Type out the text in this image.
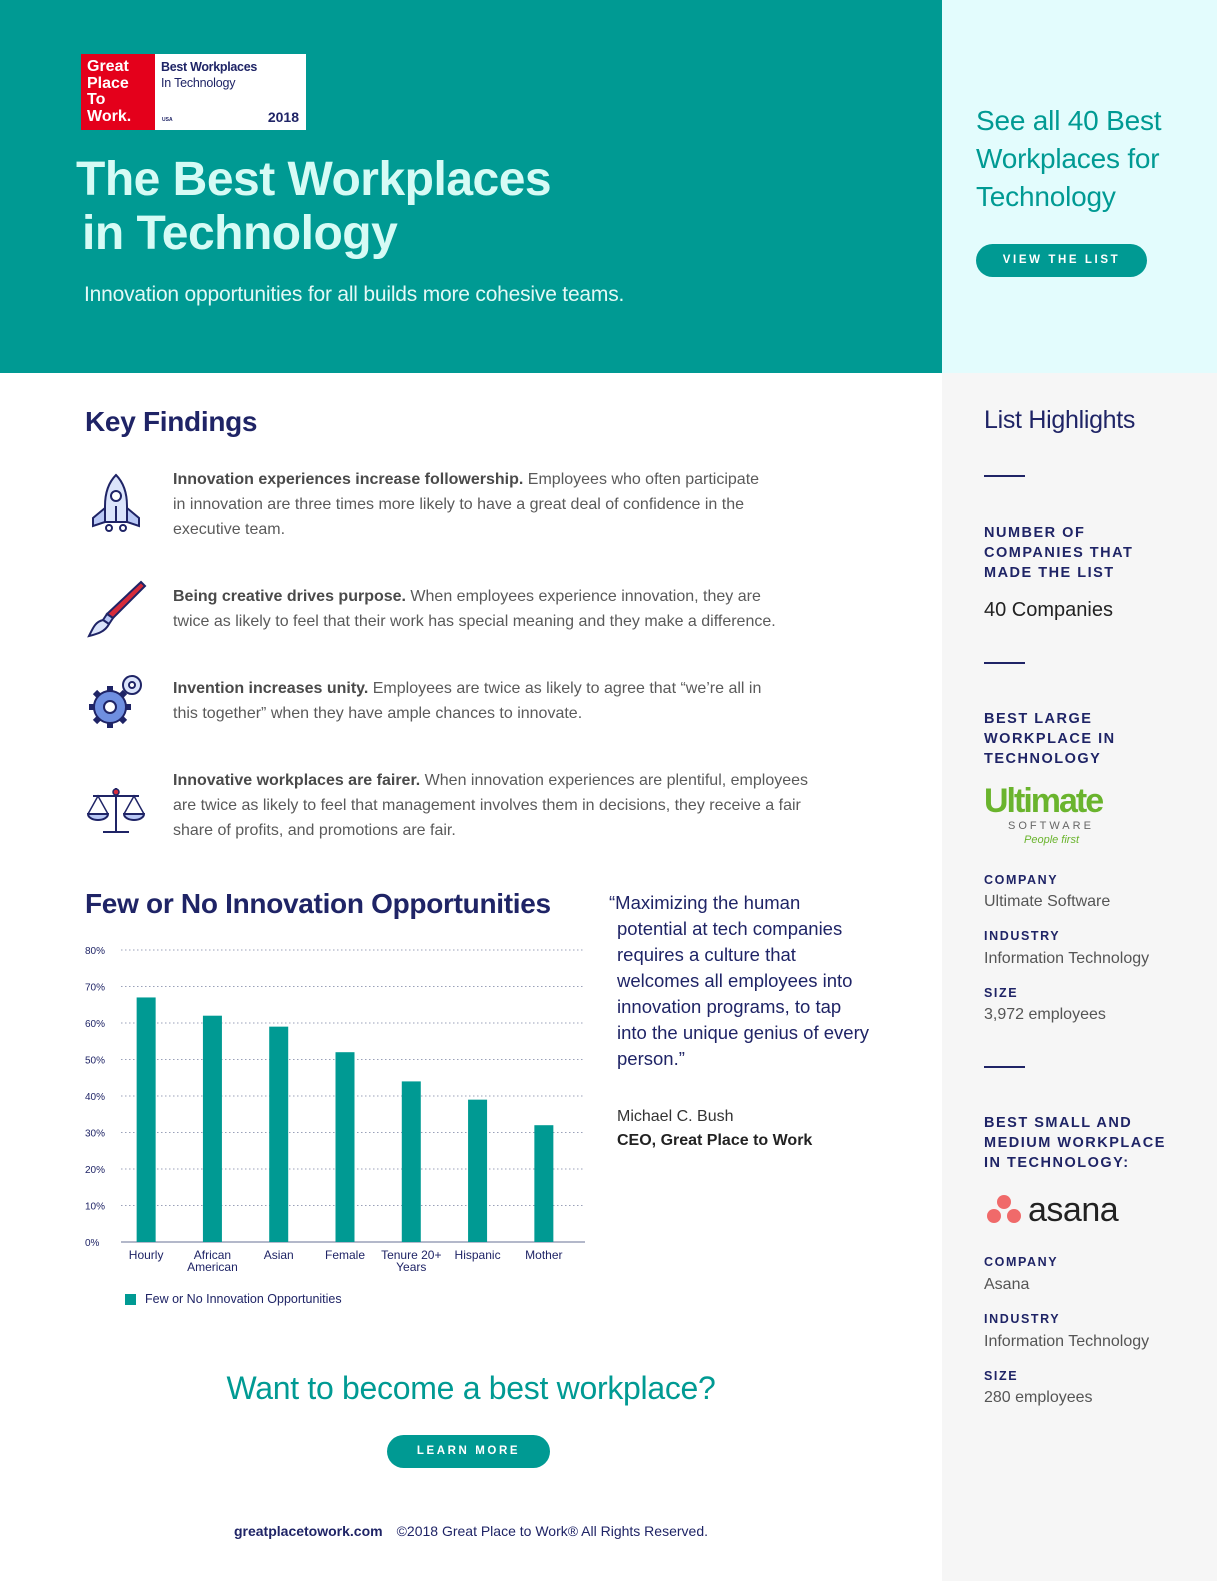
Great
Place
To
Work.
Best Workplaces
In Technology
USA	2018
The Best Workplaces
in Technology
Innovation opportunities for all builds more cohesive teams.
See all 40 Best
Workplaces for
Technology
VIEW THE LIST
List Highlights
NUMBER OF
COMPANIES THAT
MADE THE LIST
40 Companies
BEST LARGE
WORKPLACE IN
TECHNOLOGY
Ultimate
SOFTWARE
People first
COMPANY
Ultimate Software
INDUSTRY
Information Technology
SIZE
3,972 employees
BEST SMALL AND
MEDIUM WORKPLACE
IN TECHNOLOGY:
asana
COMPANY
Asana
INDUSTRY
Information Technology
SIZE
280 employees
Key Findings
Innovation experiences increase followership. Employees who often participate
in innovation are three times more likely to have a great deal of confidence in the
executive team.
Being creative drives purpose. When employees experience innovation, they are
twice as likely to feel that their work has special meaning and they make a difference.
Invention increases unity. Employees are twice as likely to agree that “we’re all in
this together” when they have ample chances to innovate.
Innovative workplaces are fairer. When innovation experiences are plentiful, employees
are twice as likely to feel that management involves them in decisions, they receive a fair
share of profits, and promotions are fair.
Few or No Innovation Opportunities
0%
10%
20%
30%
40%
50%
60%
70%
80%
Hourly	African
American
Asian	Female Tenure 20+
Years
Hispanic Mother
Few or No Innovation Opportunities
“Maximizing the human
potential at tech companies
requires a culture that
welcomes all employees into
innovation programs, to tap
into the unique genius of every
person.”
Michael C. Bush
CEO, Great Place to Work
Want to become a best workplace?
LEARN MORE
greatplacetowork.com ©2018 Great Place to Work® All Rights Reserved.
